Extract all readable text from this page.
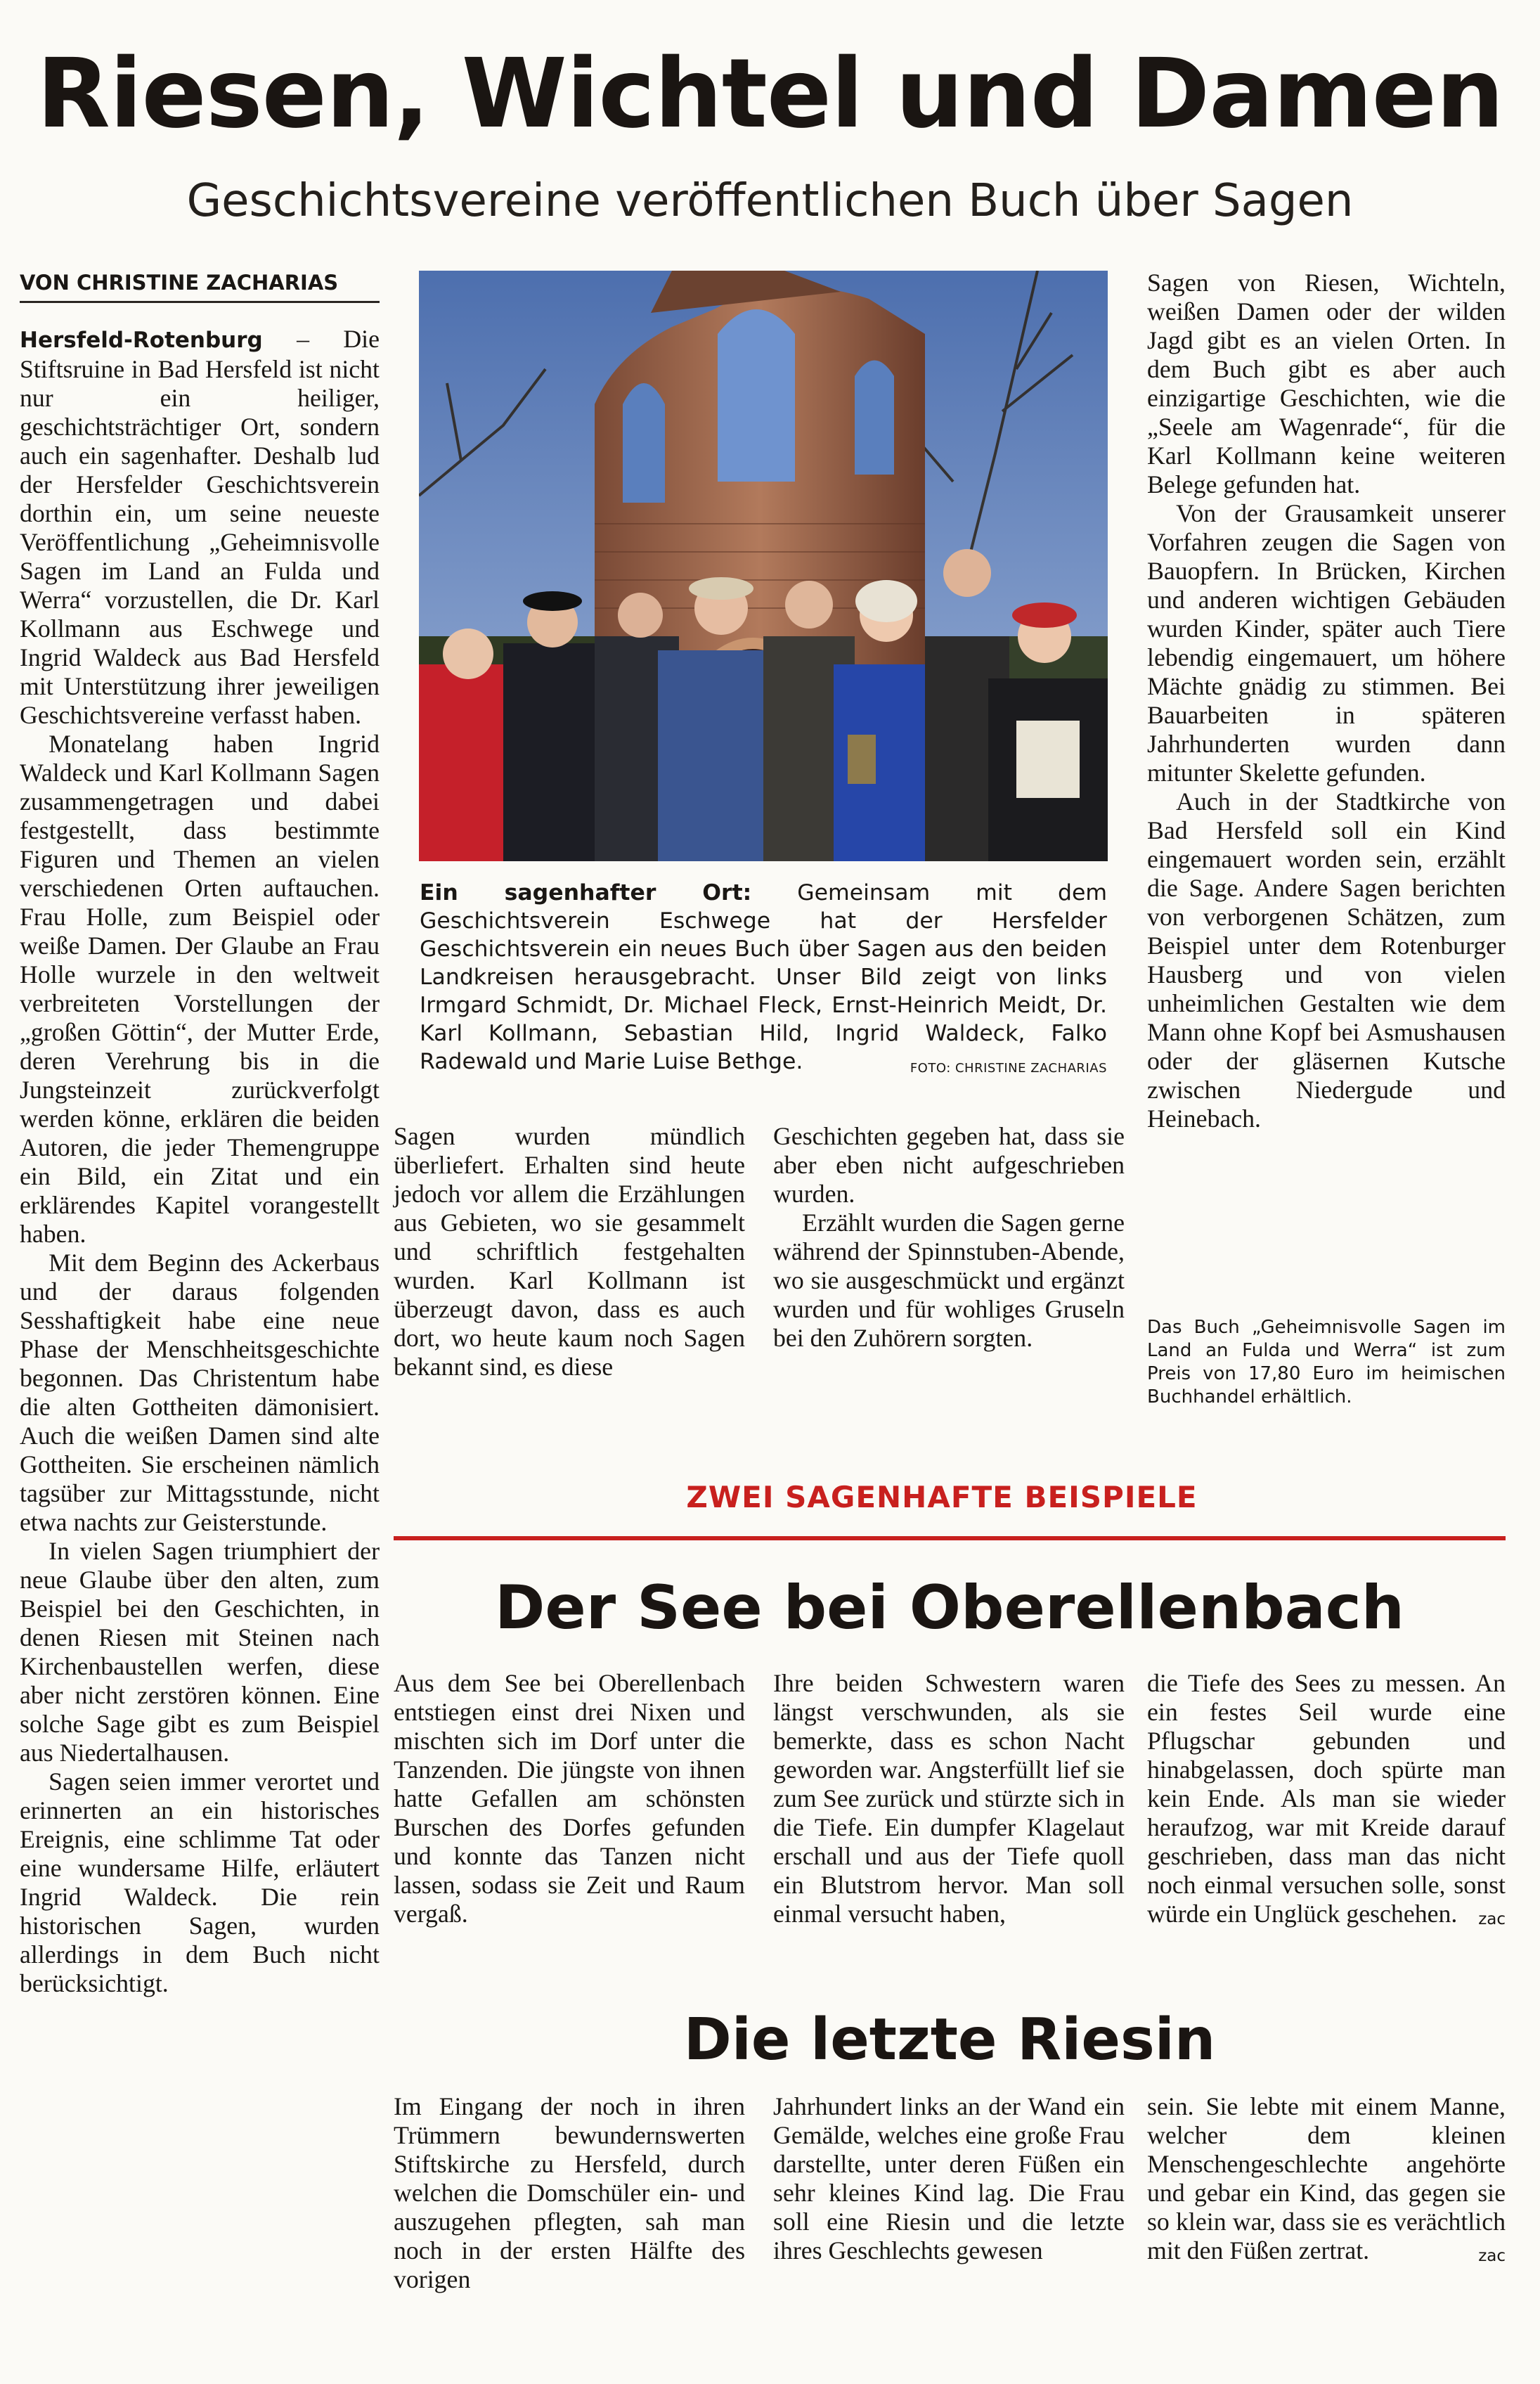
Riesen, Wichtel und Damen
Geschichtsvereine veröffentlichen Buch über Sagen
VON CHRISTINE ZACHARIAS

Hersfeld-Rotenburg – Die Stiftsruine in Bad Hersfeld ist nicht nur ein heiliger, geschichtsträchtiger Ort, sondern auch ein sagenhafter. Deshalb lud der Hersfelder Geschichtsverein dorthin ein, um seine neueste Veröffentlichung „Geheimnisvolle Sagen im Land an Fulda und Werra“ vorzustellen, die Dr. Karl Kollmann aus Eschwege und Ingrid Waldeck aus Bad Hersfeld mit Unterstützung ihrer jeweiligen Geschichtsvereine verfasst haben.

Monatelang haben Ingrid Waldeck und Karl Kollmann Sagen zusammengetragen und dabei festgestellt, dass bestimmte Figuren und Themen an vielen verschiedenen Orten auftauchen. Frau Holle, zum Beispiel oder weiße Damen. Der Glaube an Frau Holle wurzele in den weltweit verbreiteten Vorstellungen der „großen Göttin“, der Mutter Erde, deren Verehrung bis in die Jungsteinzeit zurückverfolgt werden könne, erklären die beiden Autoren, die jeder Themengruppe ein Bild, ein Zitat und ein erklärendes Kapitel vorangestellt haben.

Mit dem Beginn des Ackerbaus und der daraus folgenden Sesshaftigkeit habe eine neue Phase der Menschheitsgeschichte begonnen. Das Christentum habe die alten Gottheiten dämonisiert. Auch die weißen Damen sind alte Gottheiten. Sie erscheinen nämlich tagsüber zur Mittagsstunde, nicht etwa nachts zur Geisterstunde.

In vielen Sagen triumphiert der neue Glaube über den alten, zum Beispiel bei den Geschichten, in denen Riesen mit Steinen nach Kirchenbaustellen werfen, diese aber nicht zerstören können. Eine solche Sage gibt es zum Beispiel aus Niedertalhausen.

Sagen seien immer verortet und erinnerten an ein historisches Ereignis, eine schlimme Tat oder eine wundersame Hilfe, erläutert Ingrid Waldeck. Die rein historischen Sagen, wurden allerdings in dem Buch nicht berücksichtigt.

Ein sagenhafter Ort: Gemeinsam mit dem Geschichtsverein Eschwege hat der Hersfelder Geschichtsverein ein neues Buch über Sagen aus den beiden Landkreisen herausgebracht. Unser Bild zeigt von links Irmgard Schmidt, Dr. Michael Fleck, Ernst-Heinrich Meidt, Dr. Karl Kollmann, Sebastian Hild, Ingrid Waldeck, Falko Radewald und Marie Luise Bethge.	FOTO: CHRISTINE ZACHARIAS

Sagen wurden mündlich überliefert. Erhalten sind heute jedoch vor allem die Erzählungen aus Gebieten, wo sie gesammelt und schriftlich festgehalten wurden. Karl Kollmann ist überzeugt davon, dass es auch dort, wo heute kaum noch Sagen bekannt sind, es diese

Geschichten gegeben hat, dass sie aber eben nicht aufgeschrieben wurden.

Erzählt wurden die Sagen gerne während der Spinnstuben-Abende, wo sie ausgeschmückt und ergänzt wurden und für wohliges Gruseln bei den Zuhörern sorgten.

Sagen von Riesen, Wichteln, weißen Damen oder der wilden Jagd gibt es an vielen Orten. In dem Buch gibt es aber auch einzigartige Geschichten, wie die „Seele am Wagenrade“, für die Karl Kollmann keine weiteren Belege gefunden hat.

Von der Grausamkeit unserer Vorfahren zeugen die Sagen von Bauopfern. In Brücken, Kirchen und anderen wichtigen Gebäuden wurden Kinder, später auch Tiere lebendig eingemauert, um höhere Mächte gnädig zu stimmen. Bei Bauarbeiten in späteren Jahrhunderten wurden dann mitunter Skelette gefunden.

Auch in der Stadtkirche von Bad Hersfeld soll ein Kind eingemauert worden sein, erzählt die Sage. Andere Sagen berichten von verborgenen Schätzen, zum Beispiel unter dem Rotenburger Hausberg und von vielen unheimlichen Gestalten wie dem Mann ohne Kopf bei Asmushausen oder der gläsernen Kutsche zwischen Niedergude und Heinebach.

Das Buch „Geheimnisvolle Sagen im Land an Fulda und Werra“ ist zum Preis von 17,80 Euro im heimischen Buchhandel erhältlich.
ZWEI SAGENHAFTE BEISPIELE
Der See bei Oberellenbach

Aus dem See bei Oberellenbach entstiegen einst drei Nixen und mischten sich im Dorf unter die Tanzenden. Die jüngste von ihnen hatte Gefallen am schönsten Burschen des Dorfes gefunden und konnte das Tanzen nicht lassen, sodass sie Zeit und Raum vergaß.

Ihre beiden Schwestern waren längst verschwunden, als sie bemerkte, dass es schon Nacht geworden war. Angsterfüllt lief sie zum See zurück und stürzte sich in die Tiefe. Ein dumpfer Klagelaut erschall und aus der Tiefe quoll ein Blutstrom hervor. Man soll einmal versucht haben,

die Tiefe des Sees zu messen. An ein festes Seil wurde eine Pflugschar gebunden und hinabgelassen, doch spürte man kein Ende. Als man sie wieder heraufzog, war mit Kreide darauf geschrieben, dass man das nicht noch einmal versuchen solle, sonst würde ein Unglück geschehen. zac

Die letzte Riesin

Im Eingang der noch in ihren Trümmern bewundernswerten Stiftskirche zu Hersfeld, durch welchen die Domschüler ein- und auszugehen pflegten, sah man noch in der ersten Hälfte des vorigen

Jahrhundert links an der Wand ein Gemälde, welches eine große Frau darstellte, unter deren Füßen ein sehr kleines Kind lag. Die Frau soll eine Riesin und die letzte ihres Geschlechts gewesen

sein. Sie lebte mit einem Manne, welcher dem kleinen Menschengeschlechte angehörte und gebar ein Kind, das gegen sie so klein war, dass sie es verächtlich mit den Füßen zertrat.	zac
